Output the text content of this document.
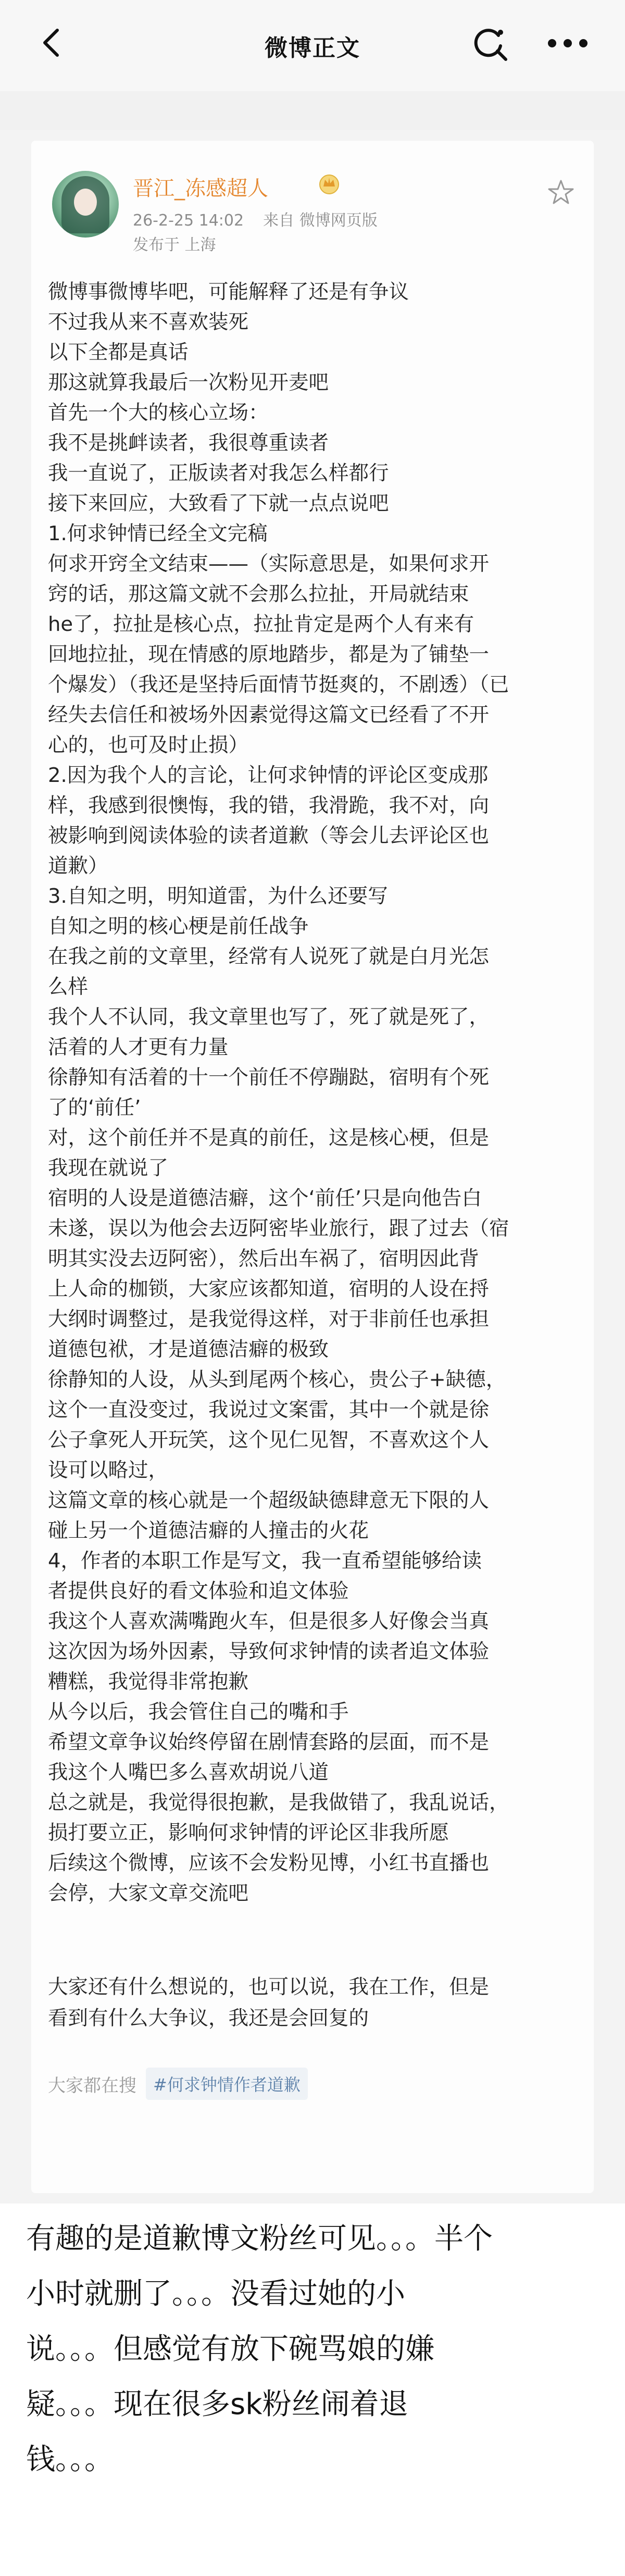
微博正文
晋江_冻感超人
26-2-25 14:02 来自 微博网页版
发布于 上海
微博事微博毕吧，可能解释了还是有争议
不过我从来不喜欢装死
以下全都是真话
那这就算我最后一次粉见开麦吧
首先一个大的核心立场：
我不是挑衅读者，我很尊重读者
我一直说了，正版读者对我怎么样都行
接下来回应，大致看了下就一点点说吧
1.何求钟情已经全文完稿
何求开窍全文结束——（实际意思是，如果何求开
窍的话，那这篇文就不会那么拉扯，开局就结束
he了，拉扯是核心点，拉扯肯定是两个人有来有
回地拉扯，现在情感的原地踏步，都是为了铺垫一
个爆发）（我还是坚持后面情节挺爽的，不剧透）（已
经失去信任和被场外因素觉得这篇文已经看了不开
心的，也可及时止损）
2.因为我个人的言论，让何求钟情的评论区变成那
样，我感到很懊悔，我的错，我滑跪，我不对，向
被影响到阅读体验的读者道歉（等会儿去评论区也
道歉）
3.自知之明，明知道雷，为什么还要写
自知之明的核心梗是前任战争
在我之前的文章里，经常有人说死了就是白月光怎
么样
我个人不认同，我文章里也写了，死了就是死了，
活着的人才更有力量
徐静知有活着的十一个前任不停蹦跶，宿明有个死
了的‘前任’
对，这个前任并不是真的前任，这是核心梗，但是
我现在就说了
宿明的人设是道德洁癖，这个‘前任’只是向他告白
未遂，误以为他会去迈阿密毕业旅行，跟了过去（宿
明其实没去迈阿密），然后出车祸了，宿明因此背
上人命的枷锁，大家应该都知道，宿明的人设在捋
大纲时调整过，是我觉得这样，对于非前任也承担
道德包袱，才是道德洁癖的极致
徐静知的人设，从头到尾两个核心，贵公子+缺德，
这个一直没变过，我说过文案雷，其中一个就是徐
公子拿死人开玩笑，这个见仁见智，不喜欢这个人
设可以略过，
这篇文章的核心就是一个超级缺德肆意无下限的人
碰上另一个道德洁癖的人撞击的火花
4，作者的本职工作是写文，我一直希望能够给读
者提供良好的看文体验和追文体验
我这个人喜欢满嘴跑火车，但是很多人好像会当真
这次因为场外因素，导致何求钟情的读者追文体验
糟糕，我觉得非常抱歉
从今以后，我会管住自己的嘴和手
希望文章争议始终停留在剧情套路的层面，而不是
我这个人嘴巴多么喜欢胡说八道
总之就是，我觉得很抱歉，是我做错了，我乱说话，
损打要立正，影响何求钟情的评论区非我所愿
后续这个微博，应该不会发粉见博，小红书直播也
会停，大家文章交流吧
大家还有什么想说的，也可以说，我在工作，但是
看到有什么大争议，我还是会回复的
大家都在搜	#何求钟情作者道歉
有趣的是道歉博文粉丝可见。。。半个
小时就删了。。。没看过她的小
说。。。但感觉有放下碗骂娘的嫌
疑。。。现在很多sk粉丝闹着退
钱。。。
